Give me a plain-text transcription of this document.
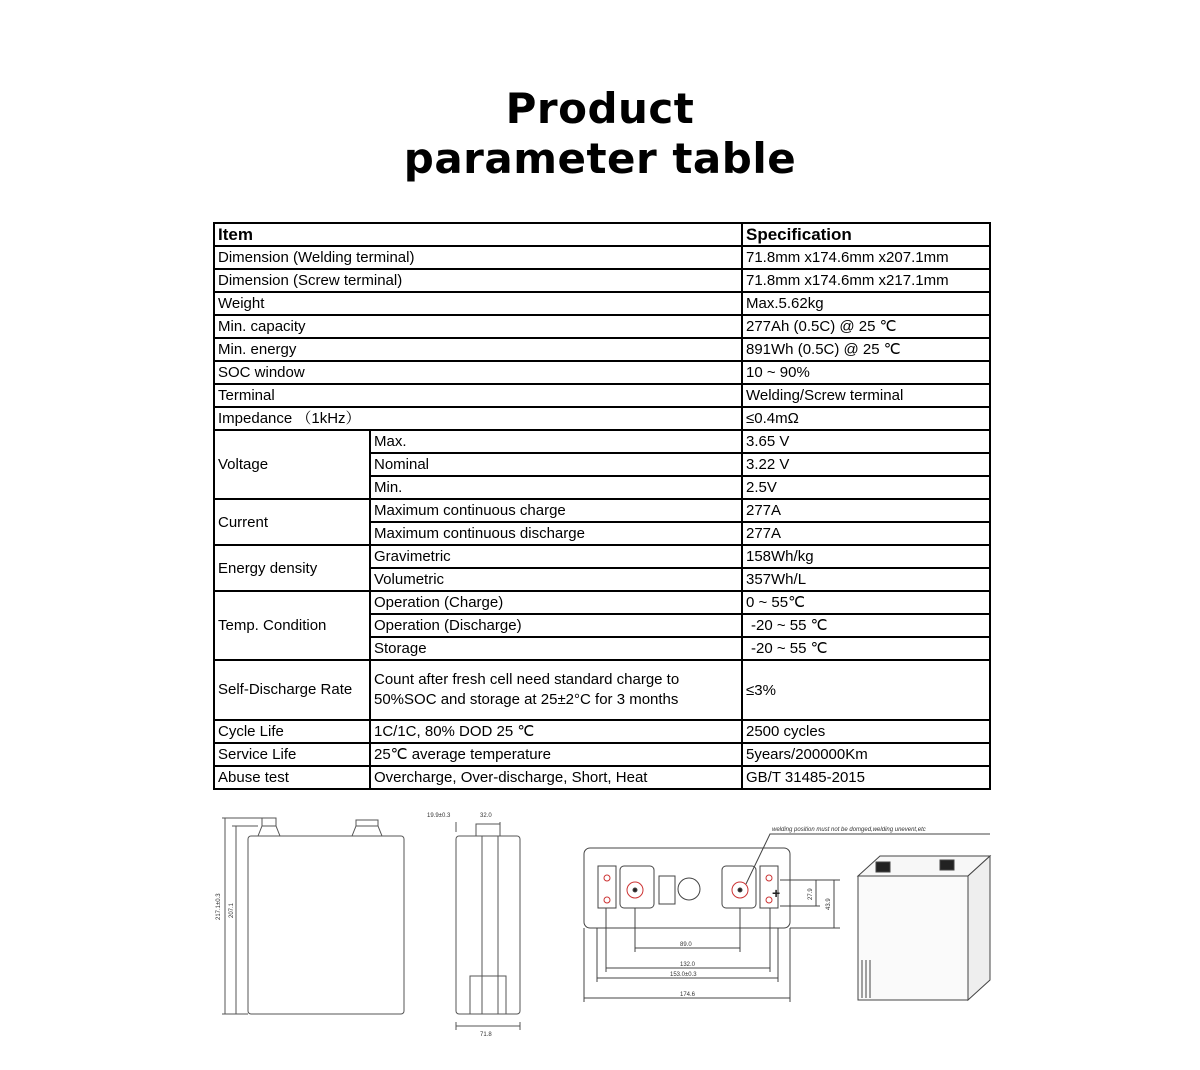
Product
parameter table
Item		Specification
Dimension (Welding terminal)		71.8mm x174.6mm x207.1mm
Dimension (Screw terminal)		71.8mm x174.6mm x217.1mm
Weight		Max.5.62kg
Min. capacity		277Ah (0.5C) @ 25 ℃
Min. energy		891Wh (0.5C) @ 25 ℃
SOC window		10 ~ 90%
Terminal		Welding/Screw terminal
Impedance （1kHz）		≤0.4mΩ
Voltage	Max.	3.65 V
	Nominal	3.22 V
	Min.	2.5V
Current	Maximum continuous charge	277A
	Maximum continuous discharge	277A
Energy density	Gravimetric	158Wh/kg
	Volumetric	357Wh/L
Temp. Condition	Operation (Charge)	0 ~ 55℃
	Operation (Discharge)	-20 ~ 55 ℃
	Storage	-20 ~ 55 ℃
Self-Discharge Rate	Count after fresh cell need standard charge to 50%SOC and storage at 25±2°C for 3 months	≤3%
Cycle Life	1C/1C, 80% DOD 25 ℃	2500 cycles
Service Life	25℃ average temperature	5years/200000Km
Abuse test	Overcharge, Over-discharge, Short, Heat	GB/T 31485-2015
217.1±0.3 207.1
19.9±0.3	32.0
71.8
welding position must not be domged,welding unevent,etc
+
89.0
132.0
153.0±0.3
174.6
27.9
43.9
